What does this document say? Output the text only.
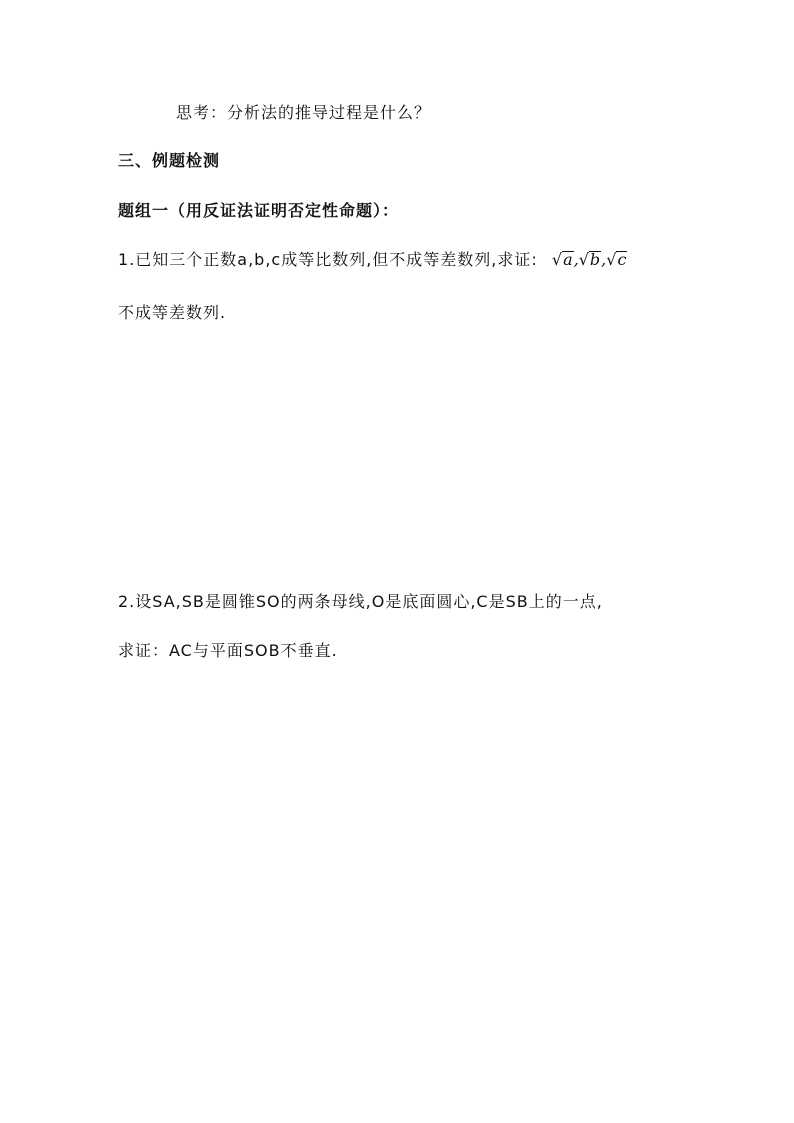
思考：分析法的推导过程是什么？
三、例题检测
题组一（用反证法证明否定性命题）：
1.已知三个正数a,b,c成等比数列,但不成等差数列,求证: √a,√b,√c
不成等差数列.
2.设SA,SB是圆锥SO的两条母线,O是底面圆心,C是SB上的一点,
求证：AC与平面SOB不垂直.
